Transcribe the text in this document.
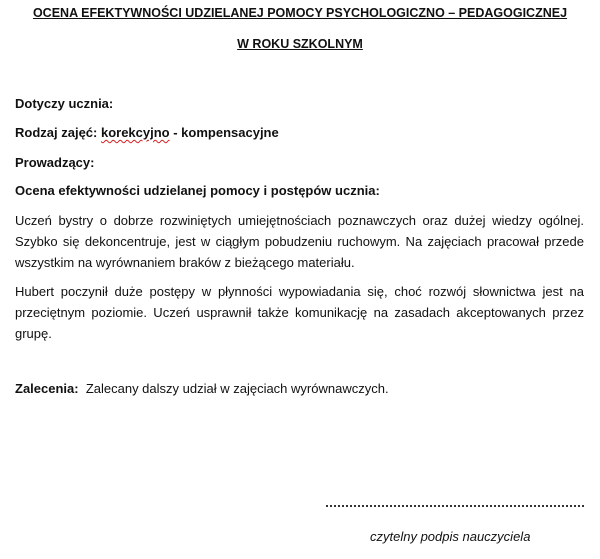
OCENA EFEKTYWNOŚCI UDZIELANEJ POMOCY PSYCHOLOGICZNO – PEDAGOGICZNEJ
W ROKU SZKOLNYM
Dotyczy ucznia:
Rodzaj zajęć: korekcyjno - kompensacyjne
Prowadzący:
Ocena efektywności udzielanej pomocy i postępów ucznia:
Uczeń bystry o dobrze rozwiniętych umiejętnościach poznawczych oraz dużej wiedzy ogólnej. Szybko się dekoncentruje, jest w ciągłym pobudzeniu ruchowym. Na zajęciach pracował przede wszystkim na wyrównaniem braków z bieżącego materiału.
Hubert poczynił duże postępy w płynności wypowiadania się, choć rozwój słownictwa jest na przeciętnym poziomie. Uczeń usprawnił także komunikację na zasadach akceptowanych przez grupę.
Zalecenia:  Zalecany dalszy udział w zajęciach wyrównawczych.
czytelny podpis nauczyciela
